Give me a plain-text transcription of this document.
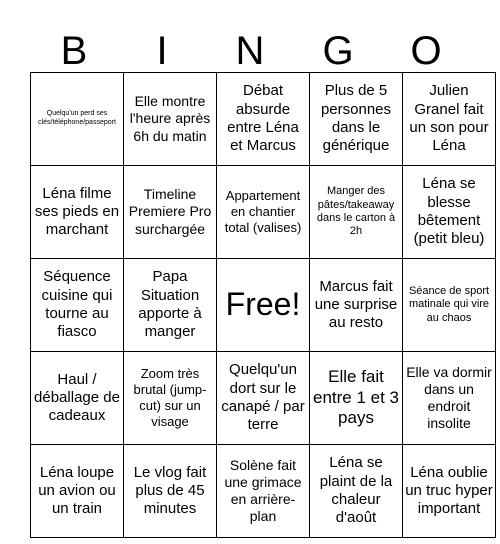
B	I	N	G	O
Quelqu'un perd ses clés/téléphone/passeport	Elle montre l'heure après 6h du matin	Débat absurde entre Léna et Marcus	Plus de 5 personnes dans le générique	Julien Granel fait un son pour Léna
Léna filme ses pieds en marchant	Timeline Premiere Pro surchargée	Appartement en chantier total (valises)	Manger des pâtes/takeaway dans le carton à 2h	Léna se blesse bêtement (petit bleu)
Séquence cuisine qui tourne au fiasco	Papa Situation apporte à manger	Free!	Marcus fait une surprise au resto	Séance de sport matinale qui vire au chaos
Haul / déballage de cadeaux	Zoom très brutal (jump-cut) sur un visage	Quelqu'un dort sur le canapé / par terre	Elle fait entre 1 et 3 pays	Elle va dormir dans un endroit insolite
Léna loupe un avion ou un train	Le vlog fait plus de 45 minutes	Solène fait une grimace en arrière-plan	Léna se plaint de la chaleur d'août	Léna oublie un truc hyper important
